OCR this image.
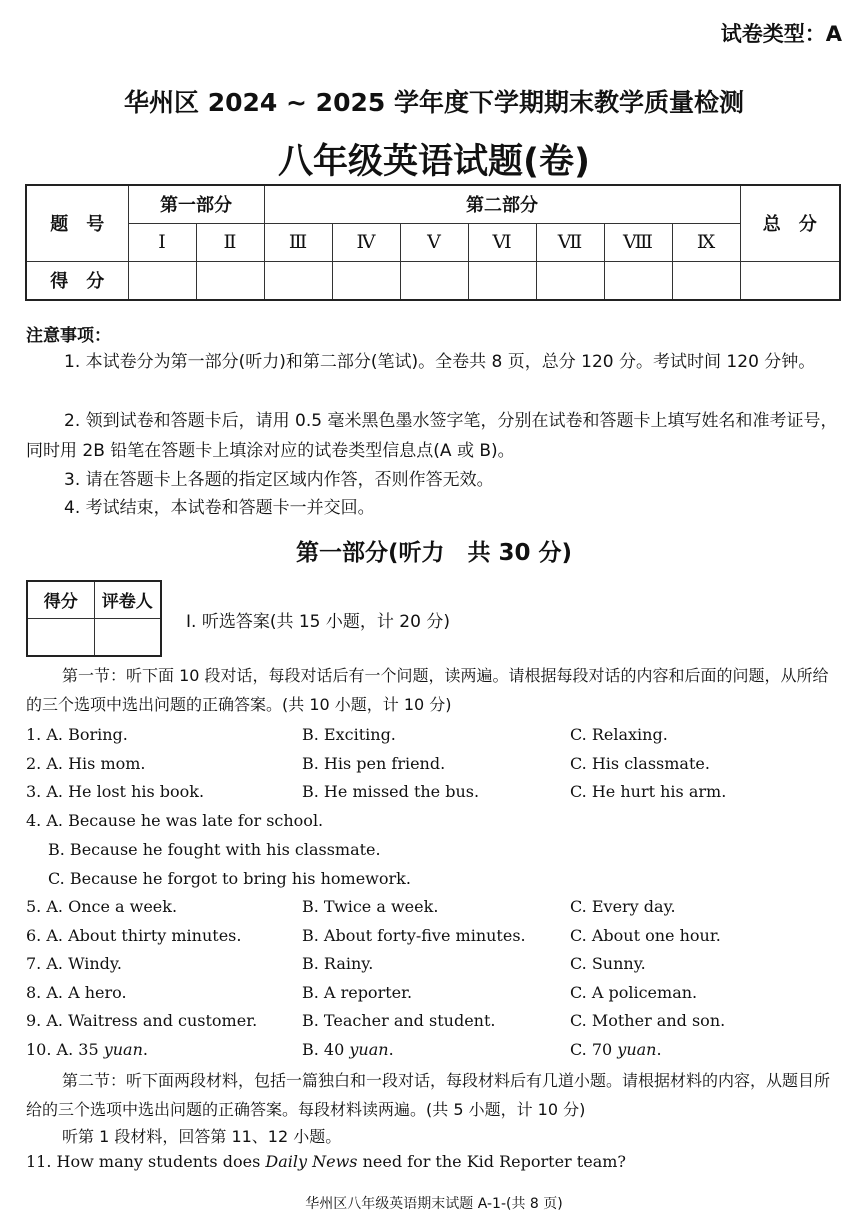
试卷类型：A
华州区 2024 ~ 2025 学年度下学期期末教学质量检测
八年级英语试题(卷)
题　号	第一部分		第二部分							总　分
	Ⅰ	Ⅱ	Ⅲ	Ⅳ	Ⅴ	Ⅵ	Ⅶ	Ⅷ	Ⅸ	
得　分										
注意事项：
1. 本试卷分为第一部分(听力)和第二部分(笔试)。全卷共 8 页，总分 120 分。考试时间 120 分钟。
2. 领到试卷和答题卡后，请用 0.5 毫米黑色墨水签字笔，分别在试卷和答题卡上填写姓名和准考证号，同时用 2B 铅笔在答题卡上填涂对应的试卷类型信息点(A 或 B)。
3. 请在答题卡上各题的指定区域内作答，否则作答无效。
4. 考试结束，本试卷和答题卡一并交回。
第一部分(听力　共 30 分)
得分	评卷人

Ⅰ. 听选答案(共 15 小题，计 20 分)
第一节：听下面 10 段对话，每段对话后有一个问题，读两遍。请根据每段对话的内容和后面的问题，从所给的三个选项中选出问题的正确答案。(共 10 小题，计 10 分)
1. A. Boring.	B. Exciting.	C. Relaxing.
2. A. His mom.	B. His pen friend.	C. His classmate.
3. A. He lost his book.	B. He missed the bus.	C. He hurt his arm.
4. A. Because he was late for school.
B. Because he fought with his classmate.
C. Because he forgot to bring his homework.
5. A. Once a week.	B. Twice a week.	C. Every day.
6. A. About thirty minutes.	B. About forty-five minutes.	C. About one hour.
7. A. Windy.	B. Rainy.	C. Sunny.
8. A. A hero.	B. A reporter.	C. A policeman.
9. A. Waitress and customer.	B. Teacher and student.	C. Mother and son.
10. A. 35 yuan.	B. 40 yuan.	C. 70 yuan.
第二节：听下面两段材料，包括一篇独白和一段对话，每段材料后有几道小题。请根据材料的内容，从题目所给的三个选项中选出问题的正确答案。每段材料读两遍。(共 5 小题，计 10 分)
听第 1 段材料，回答第 11、12 小题。
11. How many students does Daily News need for the Kid Reporter team?
华州区八年级英语期末试题 A-1-(共 8 页)
